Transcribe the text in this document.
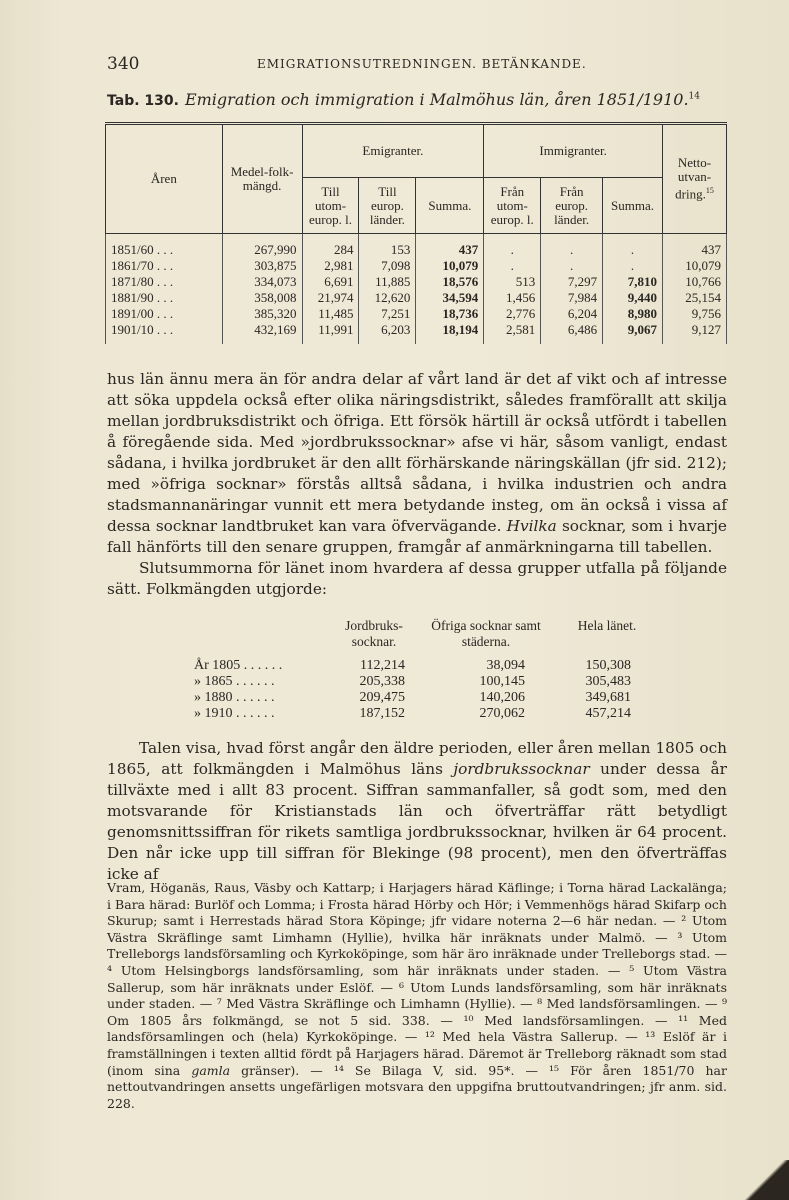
340	EMIGRATIONSUTREDNINGEN. BETÄNKANDE.
Tab. 130. Emigration och immigration i Malmöhus län, åren 1851/1910.14
Åren	Medel-folk-mängd.	Emigranter.			Immigranter.			Netto-utvan-dring.$^{15}$
		Till utom-europ. l.	Till europ. länder.	Summa.	Från utom-europ. l.	Från europ. länder.	Summa.	
1851/60 . . .	267,990	284	153	437	.	.	.	437
1861/70 . . .	303,875	2,981	7,098	10,079	.	.	.	10,079
1871/80 . . .	334,073	6,691	11,885	18,576	513	7,297	7,810	10,766
1881/90 . . .	358,008	21,974	12,620	34,594	1,456	7,984	9,440	25,154
1891/00 . . .	385,320	11,485	7,251	18,736	2,776	6,204	8,980	9,756
1901/10 . . .	432,169	11,991	6,203	18,194	2,581	6,486	9,067	9,127

hus län ännu mera än för andra delar af vårt land är det af vikt och af intresse att söka uppdela också efter olika näringsdistrikt, således framförallt att skilja mellan jordbruksdistrikt och öfriga. Ett försök härtill är också utfördt i tabellen å föregående sida. Med »jordbrukssocknar» afse vi här, såsom vanligt, endast sådana, i hvilka jordbruket är den allt förhärskande näringskällan (jfr sid. 212); med »öfriga socknar» förstås alltså sådana, i hvilka industrien och andra stadsmannanäringar vunnit ett mera betydande insteg, om än också i vissa af dessa socknar landtbruket kan vara öfvervägande. Hvilka socknar, som i hvarje fall hänförts till den senare gruppen, framgår af anmärkningarna till tabellen.

Slutsummorna för länet inom hvardera af dessa grupper utfalla på följande sätt. Folkmängden utgjorde:

Jordbruks-socknar.
Öfriga socknar samt städerna.
Hela länet.
År 1805 . . . . . .	112,214	38,094	150,308
» 1865 . . . . . .	205,338	100,145	305,483
» 1880 . . . . . .	209,475	140,206	349,681
» 1910 . . . . . .	187,152	270,062	457,214

Talen visa, hvad först angår den äldre perioden, eller åren mellan 1805 och 1865, att folkmängden i Malmöhus läns jordbrukssocknar under dessa år tillväxte med i allt 83 procent. Siffran sammanfaller, så godt som, med den motsvarande för Kristianstads län och öfverträffar rätt betydligt genomsnittssiffran för rikets samtliga jordbrukssocknar, hvilken är 64 procent. Den når icke upp till siffran för Blekinge (98 procent), men den öfverträffas icke af

Vram, Höganäs, Raus, Väsby och Kattarp; i Harjagers härad Käflinge; i Torna härad Lackalänga; i Bara härad: Burlöf och Lomma; i Frosta härad Hörby och Hör; i Vemmenhögs härad Skifarp och Skurup; samt i Herrestads härad Stora Köpinge; jfr vidare noterna 2—6 här nedan. — ² Utom Västra Skräflinge samt Limhamn (Hyllie), hvilka här inräknats under Malmö. — ³ Utom Trelleborgs landsförsamling och Kyrkoköpinge, som här äro inräknade under Trelleborgs stad. — ⁴ Utom Helsingborgs landsförsamling, som här inräknats under staden. — ⁵ Utom Västra Sallerup, som här inräknats under Eslöf. — ⁶ Utom Lunds landsförsamling, som här inräknats under staden. — ⁷ Med Västra Skräflinge och Limhamn (Hyllie). — ⁸ Med landsförsamlingen. — ⁹ Om 1805 års folkmängd, se not 5 sid. 338. — ¹⁰ Med landsförsamlingen. — ¹¹ Med landsförsamlingen och (hela) Kyrkoköpinge. — ¹² Med hela Västra Sallerup. — ¹³ Eslöf är i framställningen i texten alltid fördt på Harjagers härad. Däremot är Trelleborg räknadt som stad (inom sina gamla gränser). — ¹⁴ Se Bilaga V, sid. 95*. — ¹⁵ För åren 1851/70 har nettoutvandringen ansetts ungefärligen motsvara den uppgifna bruttoutvandringen; jfr anm. sid. 228.
